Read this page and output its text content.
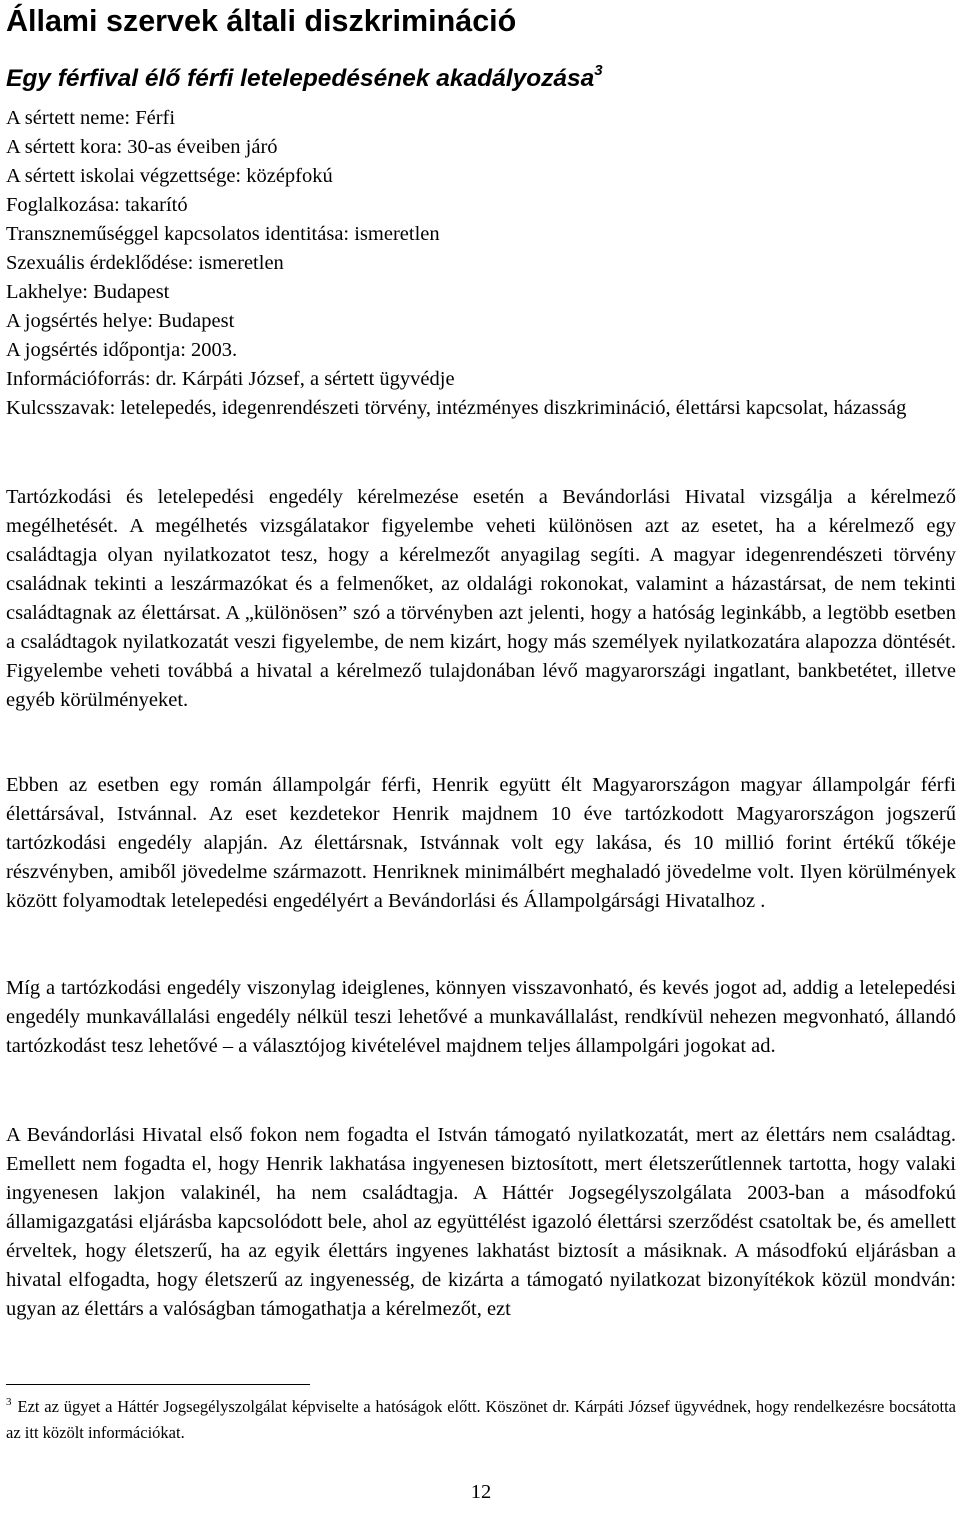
Állami szervek általi diszkrimináció
Egy férfival élő férfi letelepedésének akadályozása$^3$
A sértett neme: Férfi
A sértett kora: 30-as éveiben járó
A sértett iskolai végzettsége: középfokú
Foglalkozása: takarító
Transzneműséggel kapcsolatos identitása: ismeretlen
Szexuális érdeklődése: ismeretlen
Lakhelye: Budapest
A jogsértés helye: Budapest
A jogsértés időpontja: 2003.
Információforrás: dr. Kárpáti József, a sértett ügyvédje
Kulcsszavak: letelepedés, idegenrendészeti törvény, intézményes diszkrimináció, élettársi kapcsolat, házasság

Tartózkodási és letelepedési engedély kérelmezése esetén a Bevándorlási Hivatal vizsgálja a kérelmező megélhetését. A megélhetés vizsgálatakor figyelembe veheti különösen azt az esetet, ha a kérelmező egy családtagja olyan nyilatkozatot tesz, hogy a kérelmezőt anyagilag segíti. A magyar idegenrendészeti törvény családnak tekinti a leszármazókat és a felmenőket, az oldalági rokonokat, valamint a házastársat, de nem tekinti családtagnak az élettársat. A „különösen” szó a törvényben azt jelenti, hogy a hatóság leginkább, a legtöbb esetben a családtagok nyilatkozatát veszi figyelembe, de nem kizárt, hogy más személyek nyilatkozatára alapozza döntését. Figyelembe veheti továbbá a hivatal a kérelmező tulajdonában lévő magyarországi ingatlant, bankbetétet, illetve egyéb körülményeket.

Ebben az esetben egy román állampolgár férfi, Henrik együtt élt Magyarországon magyar állampolgár férfi élettársával, Istvánnal. Az eset kezdetekor Henrik majdnem 10 éve tartózkodott Magyarországon jogszerű tartózkodási engedély alapján. Az élettársnak, Istvánnak volt egy lakása, és 10 millió forint értékű tőkéje részvényben, amiből jövedelme származott. Henriknek minimálbért meghaladó jövedelme volt. Ilyen körülmények között folyamodtak letelepedési engedélyért a Bevándorlási és Állampolgársági Hivatalhoz .

Míg a tartózkodási engedély viszonylag ideiglenes, könnyen visszavonható, és kevés jogot ad, addig a letelepedési engedély munkavállalási engedély nélkül teszi lehetővé a munkavállalást, rendkívül nehezen megvonható, állandó tartózkodást tesz lehetővé – a választójog kivételével majdnem teljes állampolgári jogokat ad.

A Bevándorlási Hivatal első fokon nem fogadta el István támogató nyilatkozatát, mert az élettárs nem családtag. Emellett nem fogadta el, hogy Henrik lakhatása ingyenesen biztosított, mert életszerűtlennek tartotta, hogy valaki ingyenesen lakjon valakinél, ha nem családtagja. A Háttér Jogsegélyszolgálata 2003-ban a másodfokú államigazgatási eljárásba kapcsolódott bele, ahol az együttélést igazoló élettársi szerződést csatoltak be, és amellett érveltek, hogy életszerű, ha az egyik élettárs ingyenes lakhatást biztosít a másiknak. A másodfokú eljárásban a hivatal elfogadta, hogy életszerű az ingyenesség, de kizárta a támogató nyilatkozat bizonyítékok közül mondván: ugyan az élettárs a valóságban támogathatja a kérelmezőt, ezt

$^3$ Ezt az ügyet a Háttér Jogsegélyszolgálat képviselte a hatóságok előtt. Köszönet dr. Kárpáti József ügyvédnek, hogy rendelkezésre bocsátotta az itt közölt információkat.

12
